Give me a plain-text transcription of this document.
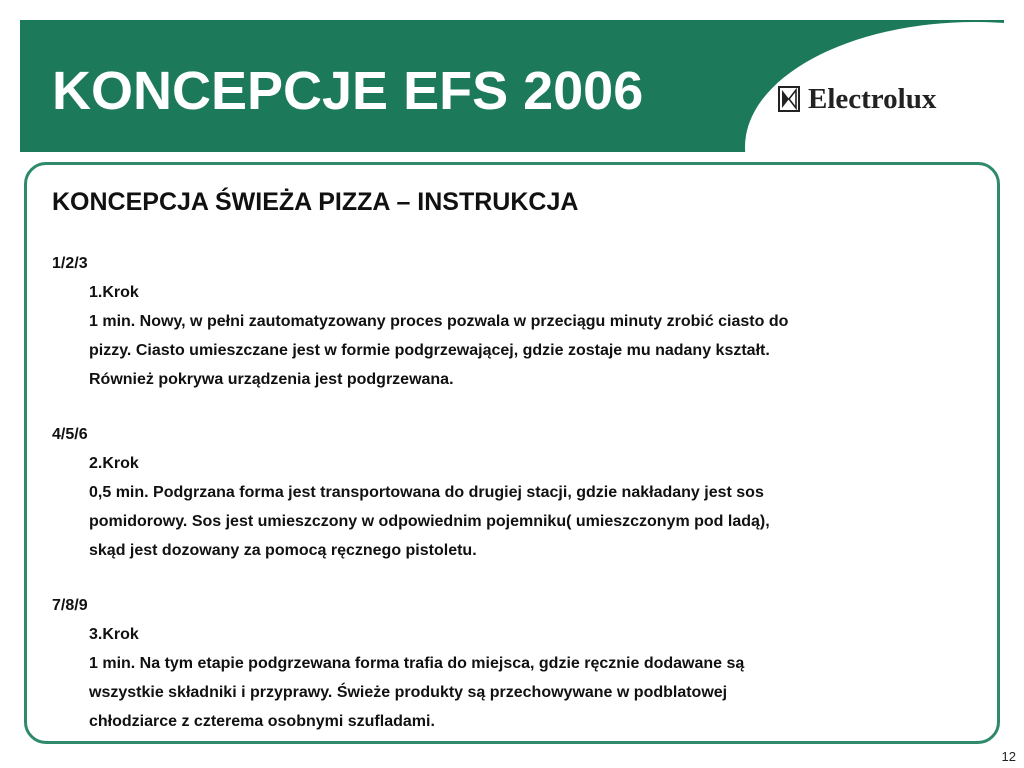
KONCEPCJE EFS 2006	Electrolux
KONCEPCJA ŚWIEŻA PIZZA – INSTRUKCJA
1/2/3
1.Krok
1 min. Nowy, w pełni zautomatyzowany proces pozwala w przeciągu minuty zrobić ciasto do
pizzy. Ciasto umieszczane jest w formie podgrzewającej, gdzie zostaje mu nadany kształt.
Również pokrywa urządzenia jest podgrzewana.
4/5/6
2.Krok
0,5 min. Podgrzana forma jest transportowana do drugiej stacji, gdzie nakładany jest sos
pomidorowy. Sos jest umieszczony w odpowiednim pojemniku( umieszczonym pod ladą),
skąd jest dozowany za pomocą ręcznego pistoletu.
7/8/9
3.Krok
1 min. Na tym etapie podgrzewana forma trafia do miejsca, gdzie ręcznie dodawane są
wszystkie składniki i przyprawy. Świeże produkty są przechowywane w podblatowej
chłodziarce z czterema osobnymi szufladami.
12
